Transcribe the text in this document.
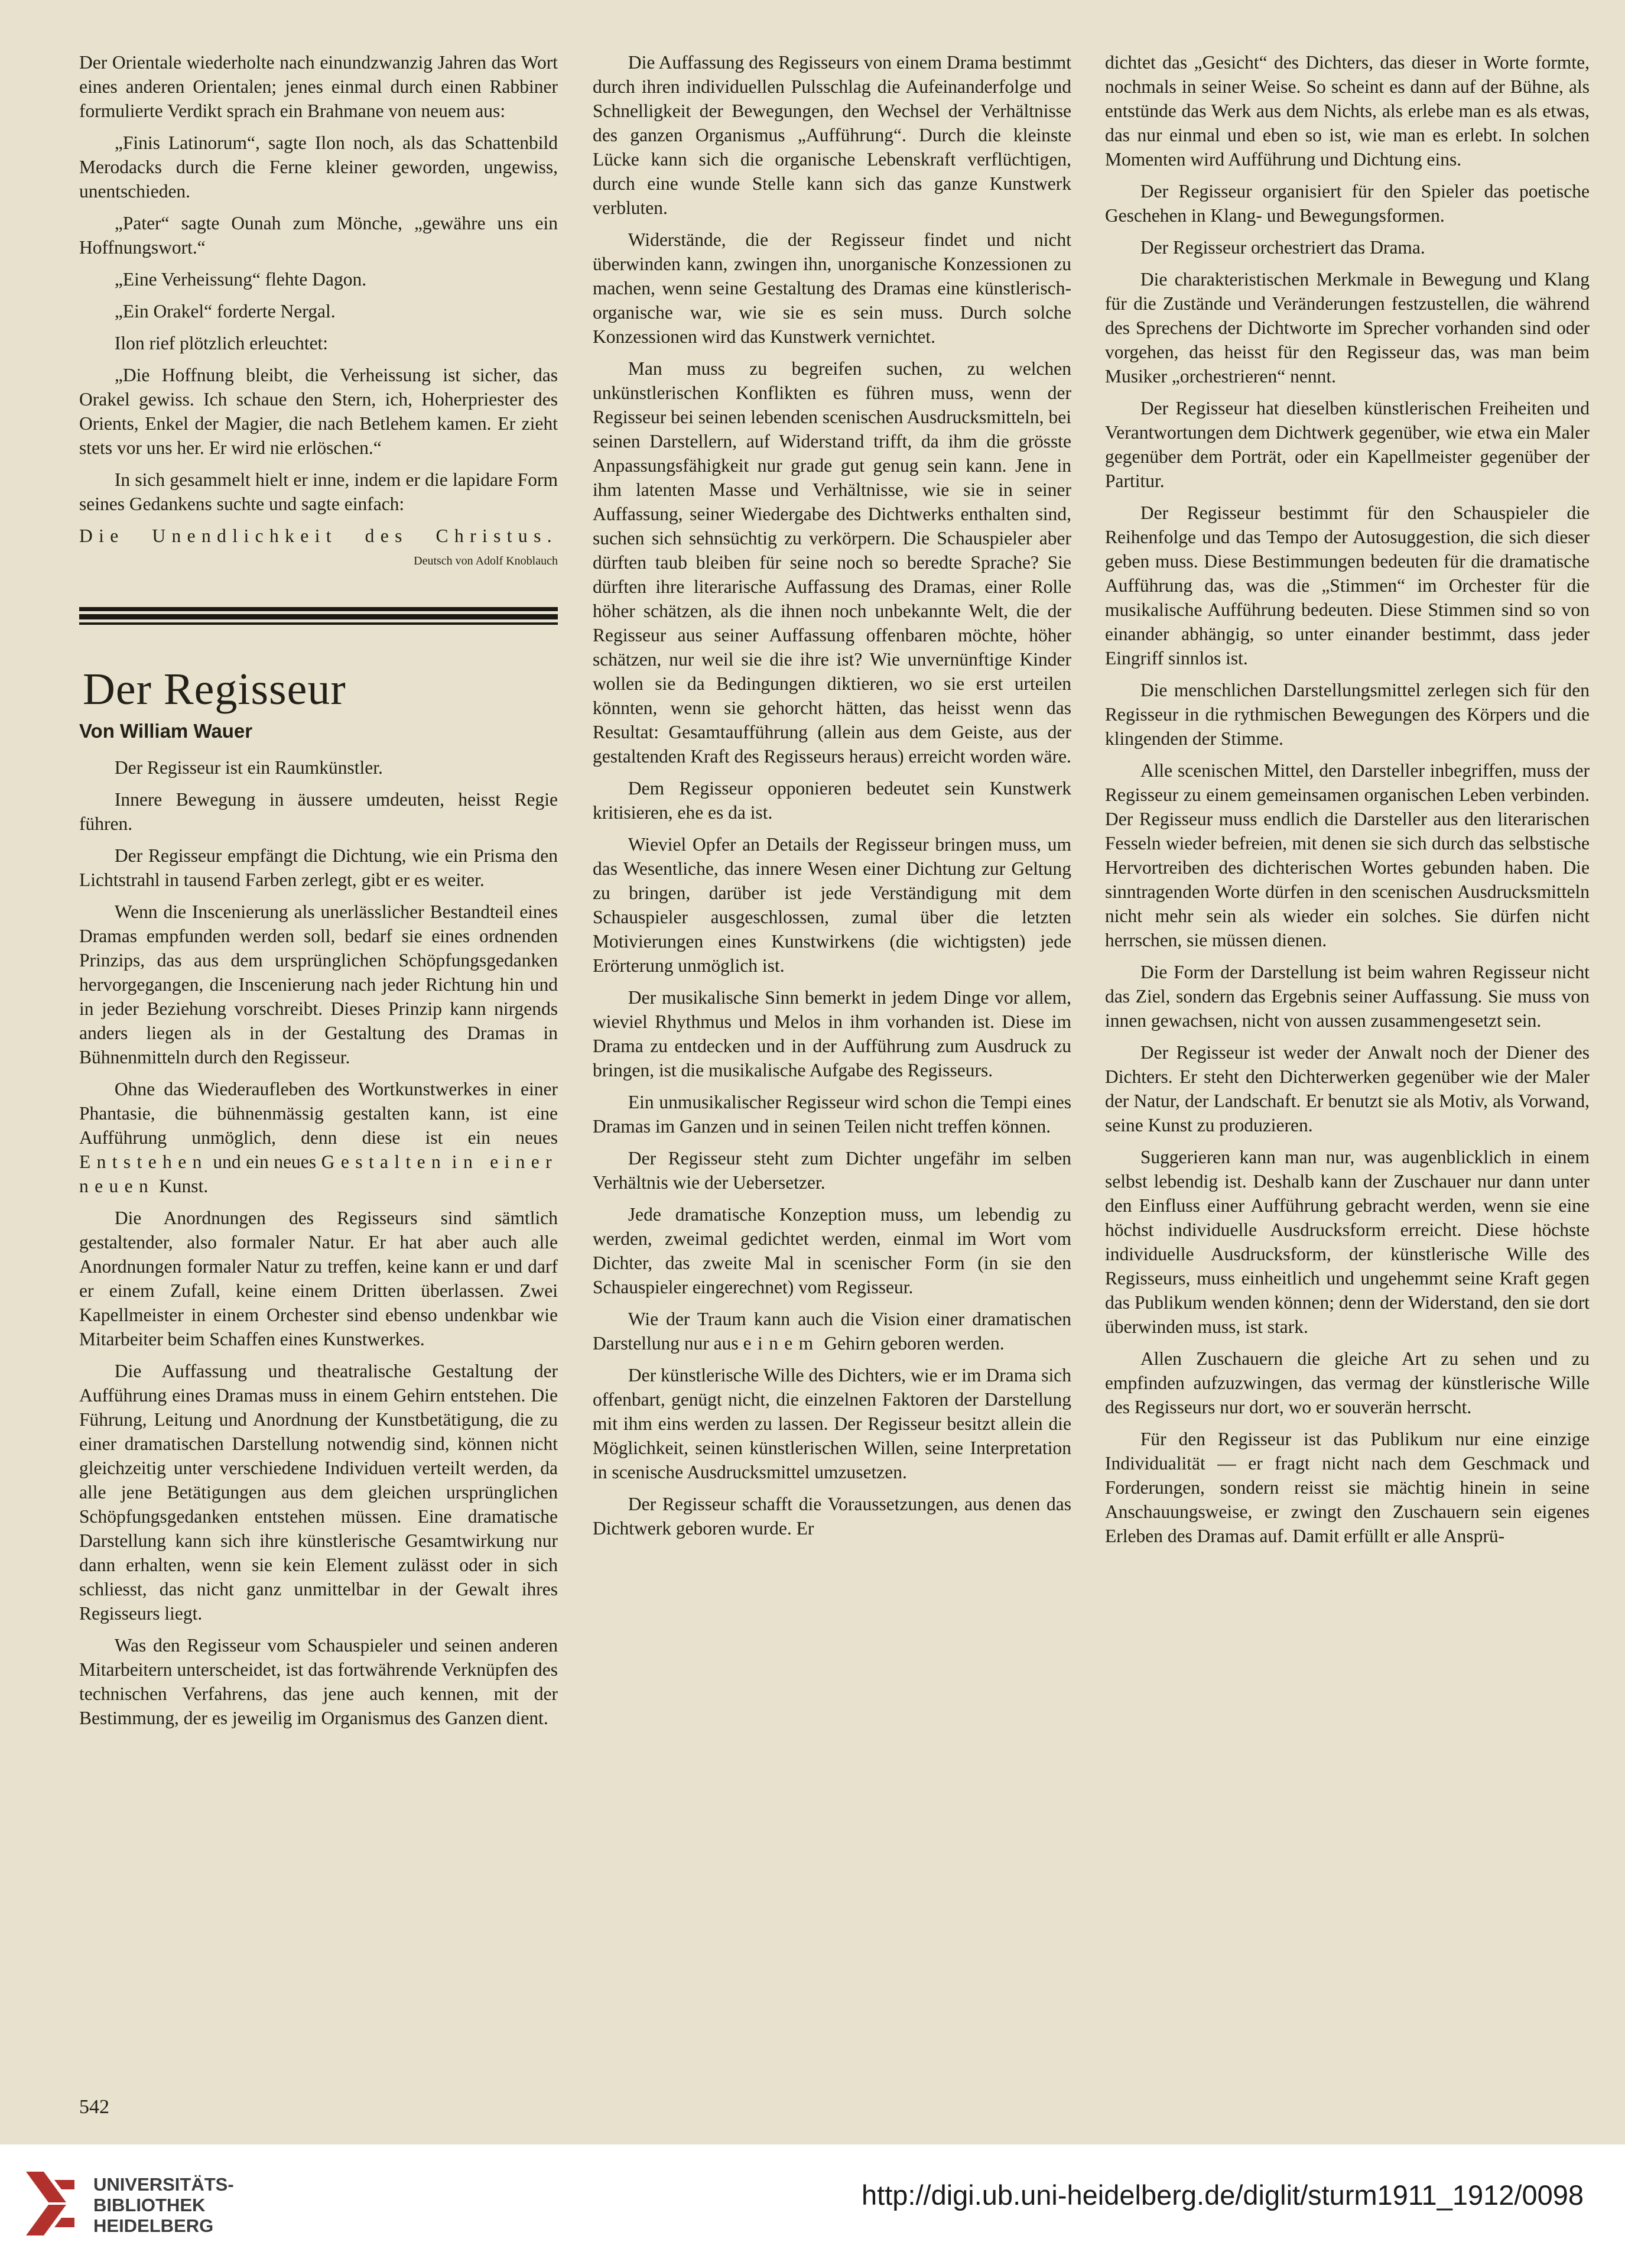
Der Orientale wiederholte nach einundzwanzig Jahren das Wort eines anderen Orientalen; jenes einmal durch einen Rabbiner formulierte Verdikt sprach ein Brahmane von neuem aus:

„Finis Latinorum“, sagte Ilon noch, als das Schattenbild Merodacks durch die Ferne kleiner geworden, ungewiss, unentschieden.

„Pater“ sagte Ounah zum Mönche, „gewähre uns ein Hoffnungswort.“

„Eine Verheissung“ flehte Dagon.

„Ein Orakel“ forderte Nergal.

Ilon rief plötzlich erleuchtet:

„Die Hoffnung bleibt, die Verheissung ist sicher, das Orakel gewiss. Ich schaue den Stern, ich, Hoherpriester des Orients, Enkel der Magier, die nach Betlehem kamen. Er zieht stets vor uns her. Er wird nie erlöschen.“

In sich gesammelt hielt er inne, indem er die lapidare Form seines Gedankens suchte und sagte einfach:

Die Unendlichkeit des Christus.

Deutsch von Adolf Knoblauch
Der Regisseur
Von William Wauer

Der Regisseur ist ein Raumkünstler.

Innere Bewegung in äussere umdeuten, heisst Regie führen.

Der Regisseur empfängt die Dichtung, wie ein Prisma den Lichtstrahl in tausend Farben zerlegt, gibt er es weiter.

Wenn die Inscenierung als unerlässlicher Bestandteil eines Dramas empfunden werden soll, bedarf sie eines ordnenden Prinzips, das aus dem ursprünglichen Schöpfungsgedanken hervorgegangen, die Inscenierung nach jeder Richtung hin und in jeder Beziehung vorschreibt. Dieses Prinzip kann nirgends anders liegen als in der Gestaltung des Dramas in Bühnenmitteln durch den Regisseur.

Ohne das Wiederaufleben des Wortkunstwerkes in einer Phantasie, die bühnenmässig gestalten kann, ist eine Aufführung unmöglich, denn diese ist ein neues Entstehen und ein neues Gestalten in einer neuen Kunst.

Die Anordnungen des Regisseurs sind sämtlich gestaltender, also formaler Natur. Er hat aber auch alle Anordnungen formaler Natur zu treffen, keine kann er und darf er einem Zufall, keine einem Dritten überlassen. Zwei Kapellmeister in einem Orchester sind ebenso undenkbar wie Mitarbeiter beim Schaffen eines Kunstwerkes.

Die Auffassung und theatralische Gestaltung der Aufführung eines Dramas muss in einem Gehirn entstehen. Die Führung, Leitung und Anordnung der Kunstbetätigung, die zu einer dramatischen Darstellung notwendig sind, können nicht gleichzeitig unter verschiedene Individuen verteilt werden, da alle jene Betätigungen aus dem gleichen ursprünglichen Schöpfungsgedanken entstehen müssen. Eine dramatische Darstellung kann sich ihre künstlerische Gesamtwirkung nur dann erhalten, wenn sie kein Element zulässt oder in sich schliesst, das nicht ganz unmittelbar in der Gewalt ihres Regisseurs liegt.

Was den Regisseur vom Schauspieler und seinen anderen Mitarbeitern unterscheidet, ist das fortwährende Verknüpfen des technischen Verfahrens, das jene auch kennen, mit der Bestimmung, der es jeweilig im Organismus des Ganzen dient.

Die Auffassung des Regisseurs von einem Drama bestimmt durch ihren individuellen Pulsschlag die Aufeinanderfolge und Schnelligkeit der Bewegungen, den Wechsel der Verhältnisse des ganzen Organismus „Aufführung“. Durch die kleinste Lücke kann sich die organische Lebenskraft verflüchtigen, durch eine wunde Stelle kann sich das ganze Kunstwerk verbluten.

Widerstände, die der Regisseur findet und nicht überwinden kann, zwingen ihn, unorganische Konzessionen zu machen, wenn seine Gestaltung des Dramas eine künstlerisch-organische war, wie sie es sein muss. Durch solche Konzessionen wird das Kunstwerk vernichtet.

Man muss zu begreifen suchen, zu welchen unkünstlerischen Konflikten es führen muss, wenn der Regisseur bei seinen lebenden scenischen Ausdrucksmitteln, bei seinen Darstellern, auf Widerstand trifft, da ihm die grösste Anpassungsfähigkeit nur grade gut genug sein kann. Jene in ihm latenten Masse und Verhältnisse, wie sie in seiner Auffassung, seiner Wiedergabe des Dichtwerks enthalten sind, suchen sich sehnsüchtig zu verkörpern. Die Schauspieler aber dürften taub bleiben für seine noch so beredte Sprache? Sie dürften ihre literarische Auffassung des Dramas, einer Rolle höher schätzen, als die ihnen noch unbekannte Welt, die der Regisseur aus seiner Auffassung offenbaren möchte, höher schätzen, nur weil sie die ihre ist? Wie unvernünftige Kinder wollen sie da Bedingungen diktieren, wo sie erst urteilen könnten, wenn sie gehorcht hätten, das heisst wenn das Resultat: Gesamtaufführung (allein aus dem Geiste, aus der gestaltenden Kraft des Regisseurs heraus) erreicht worden wäre.

Dem Regisseur opponieren bedeutet sein Kunstwerk kritisieren, ehe es da ist.

Wieviel Opfer an Details der Regisseur bringen muss, um das Wesentliche, das innere Wesen einer Dichtung zur Geltung zu bringen, darüber ist jede Verständigung mit dem Schauspieler ausgeschlossen, zumal über die letzten Motivierungen eines Kunstwirkens (die wichtigsten) jede Erörterung unmöglich ist.

Der musikalische Sinn bemerkt in jedem Dinge vor allem, wieviel Rhythmus und Melos in ihm vorhanden ist. Diese im Drama zu entdecken und in der Aufführung zum Ausdruck zu bringen, ist die musikalische Aufgabe des Regisseurs.

Ein unmusikalischer Regisseur wird schon die Tempi eines Dramas im Ganzen und in seinen Teilen nicht treffen können.

Der Regisseur steht zum Dichter ungefähr im selben Verhältnis wie der Uebersetzer.

Jede dramatische Konzeption muss, um lebendig zu werden, zweimal gedichtet werden, einmal im Wort vom Dichter, das zweite Mal in scenischer Form (in sie den Schauspieler eingerechnet) vom Regisseur.

Wie der Traum kann auch die Vision einer dramatischen Darstellung nur aus einem Gehirn geboren werden.

Der künstlerische Wille des Dichters, wie er im Drama sich offenbart, genügt nicht, die einzelnen Faktoren der Darstellung mit ihm eins werden zu lassen. Der Regisseur besitzt allein die Möglichkeit, seinen künstlerischen Willen, seine Interpretation in scenische Ausdrucksmittel umzusetzen.

Der Regisseur schafft die Voraussetzungen, aus denen das Dichtwerk geboren wurde. Er

dichtet das „Gesicht“ des Dichters, das dieser in Worte formte, nochmals in seiner Weise. So scheint es dann auf der Bühne, als entstünde das Werk aus dem Nichts, als erlebe man es als etwas, das nur einmal und eben so ist, wie man es erlebt. In solchen Momenten wird Aufführung und Dichtung eins.

Der Regisseur organisiert für den Spieler das poetische Geschehen in Klang- und Bewegungsformen.

Der Regisseur orchestriert das Drama.

Die charakteristischen Merkmale in Bewegung und Klang für die Zustände und Veränderungen festzustellen, die während des Sprechens der Dichtworte im Sprecher vorhanden sind oder vorgehen, das heisst für den Regisseur das, was man beim Musiker „orchestrieren“ nennt.

Der Regisseur hat dieselben künstlerischen Freiheiten und Verantwortungen dem Dichtwerk gegenüber, wie etwa ein Maler gegenüber dem Porträt, oder ein Kapellmeister gegenüber der Partitur.

Der Regisseur bestimmt für den Schauspieler die Reihenfolge und das Tempo der Autosuggestion, die sich dieser geben muss. Diese Bestimmungen bedeuten für die dramatische Aufführung das, was die „Stimmen“ im Orchester für die musikalische Aufführung bedeuten. Diese Stimmen sind so von einander abhängig, so unter einander bestimmt, dass jeder Eingriff sinnlos ist.

Die menschlichen Darstellungsmittel zerlegen sich für den Regisseur in die rythmischen Bewegungen des Körpers und die klingenden der Stimme.

Alle scenischen Mittel, den Darsteller inbegriffen, muss der Regisseur zu einem gemeinsamen organischen Leben verbinden. Der Regisseur muss endlich die Darsteller aus den literarischen Fesseln wieder befreien, mit denen sie sich durch das selbstische Hervortreiben des dichterischen Wortes gebunden haben. Die sinntragenden Worte dürfen in den scenischen Ausdrucksmitteln nicht mehr sein als wieder ein solches. Sie dürfen nicht herrschen, sie müssen dienen.

Die Form der Darstellung ist beim wahren Regisseur nicht das Ziel, sondern das Ergebnis seiner Auffassung. Sie muss von innen gewachsen, nicht von aussen zusammengesetzt sein.

Der Regisseur ist weder der Anwalt noch der Diener des Dichters. Er steht den Dichterwerken gegenüber wie der Maler der Natur, der Landschaft. Er benutzt sie als Motiv, als Vorwand, seine Kunst zu produzieren.

Suggerieren kann man nur, was augenblicklich in einem selbst lebendig ist. Deshalb kann der Zuschauer nur dann unter den Einfluss einer Aufführung gebracht werden, wenn sie eine höchst individuelle Ausdrucksform erreicht. Diese höchste individuelle Ausdrucksform, der künstlerische Wille des Regisseurs, muss einheitlich und ungehemmt seine Kraft gegen das Publikum wenden können; denn der Widerstand, den sie dort überwinden muss, ist stark.

Allen Zuschauern die gleiche Art zu sehen und zu empfinden aufzuzwingen, das vermag der künstlerische Wille des Regisseurs nur dort, wo er souverän herrscht.

Für den Regisseur ist das Publikum nur eine einzige Individualität — er fragt nicht nach dem Geschmack und Forderungen, sondern reisst sie mächtig hinein in seine Anschauungsweise, er zwingt den Zuschauern sein eigenes Erleben des Dramas auf. Damit erfüllt er alle Ansprü-

542
UNIVERSITÄTS-
BIBLIOTHEK
HEIDELBERG
http://digi.ub.uni-heidelberg.de/diglit/sturm1911_1912/0098
